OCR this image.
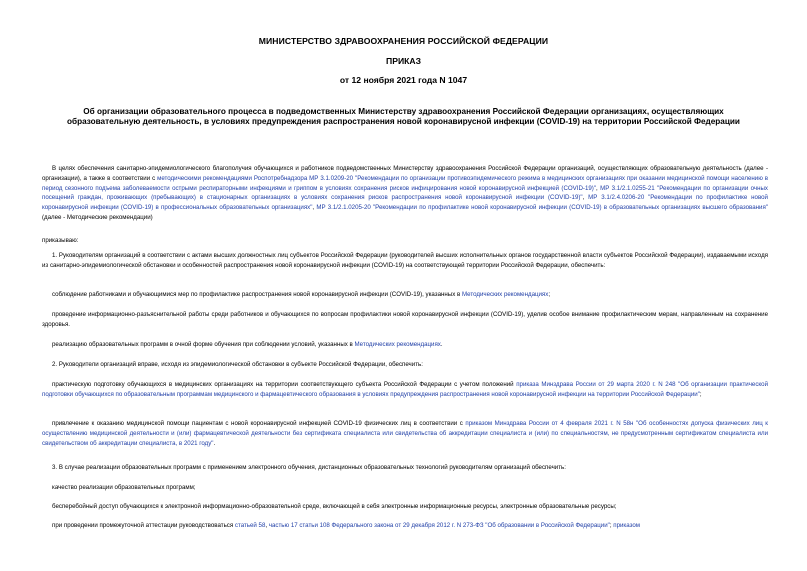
МИНИСТЕРСТВО ЗДРАВООХРАНЕНИЯ РОССИЙСКОЙ ФЕДЕРАЦИИ
ПРИКАЗ
от 12 ноября 2021 года N 1047
Об организации образовательного процесса в подведомственных Министерству здравоохранения Российской Федерации организациях, осуществляющих образовательную деятельность, в условиях предупреждения распространения новой коронавирусной инфекции (COVID-19) на территории Российской Федерации

В целях обеспечения санитарно-эпидемиологического благополучия обучающихся и работников подведомственных Министерству здравоохранения Российской Федерации организаций, осуществляющих образовательную деятельность (далее - организации), а также в соответствии с методическими рекомендациями Роспотребнадзора МР 3.1.0209-20 "Рекомендации по организации противоэпидемического режима в медицинских организациях при оказании медицинской помощи населению в период сезонного подъема заболеваемости острыми респираторными инфекциями и гриппом в условиях сохранения рисков инфицирования новой коронавирусной инфекцией (COVID-19)", МР 3.1/2.1.0255-21 "Рекомендации по организации очных посещений граждан, проживающих (пребывающих) в стационарных организациях в условиях сохранения рисков распространения новой коронавирусной инфекции (COVID-19)", МР 3.1/2.4.0206-20 "Рекомендации по профилактике новой коронавирусной инфекции (COVID-19) в профессиональных образовательных организациях", МР 3.1/2.1.0205-20 "Рекомендации по профилактике новой коронавирусной инфекции (COVID-19) в образовательных организациях высшего образования" (далее - Методические рекомендации)

приказываю:

1. Руководителям организаций в соответствии с актами высших должностных лиц субъектов Российской Федерации (руководителей высших исполнительных органов государственной власти субъектов Российской Федерации), издаваемыми исходя из санитарно-эпидемиологической обстановки и особенностей распространения новой коронавирусной инфекции (COVID-19) на соответствующей территории Российской Федерации, обеспечить:

соблюдение работниками и обучающимися мер по профилактике распространения новой коронавирусной инфекции (COVID-19), указанных в Методических рекомендациях;

проведение информационно-разъяснительной работы среди работников и обучающихся по вопросам профилактики новой коронавирусной инфекции (COVID-19), уделив особое внимание профилактическим мерам, направленным на сохранение здоровья.

реализацию образовательных программ в очной форме обучения при соблюдении условий, указанных в Методических рекомендациях.

2. Руководители организаций вправе, исходя из эпидемиологической обстановки в субъекте Российской Федерации, обеспечить:

практическую подготовку обучающихся в медицинских организациях на территории соответствующего субъекта Российской Федерации с учетом положений приказа Минздрава России от 29 марта 2020 г. N 248 "Об организации практической подготовки обучающихся по образовательным программам медицинского и фармацевтического образования в условиях предупреждения распространения новой коронавирусной инфекции на территории Российской Федерации";

привлечение к оказанию медицинской помощи пациентам с новой коронавирусной инфекцией COVID-19 физических лиц в соответствии с приказом Минздрава России от 4 февраля 2021 г. N 58н "Об особенностях допуска физических лиц к осуществлению медицинской деятельности и (или) фармацевтической деятельности без сертификата специалиста или свидетельства об аккредитации специалиста и (или) по специальностям, не предусмотренным сертификатом специалиста или свидетельством об аккредитации специалиста, в 2021 году".

3. В случае реализации образовательных программ с применением электронного обучения, дистанционных образовательных технологий руководителям организаций обеспечить:

качество реализации образовательных программ;

бесперебойный доступ обучающихся к электронной информационно-образовательной среде, включающей в себя электронные информационные ресурсы, электронные образовательные ресурсы;

при проведении промежуточной аттестации руководствоваться статьей 58, частью 17 статьи 108 Федерального закона от 29 декабря 2012 г. N 273-ФЗ "Об образовании в Российской Федерации"; приказом
